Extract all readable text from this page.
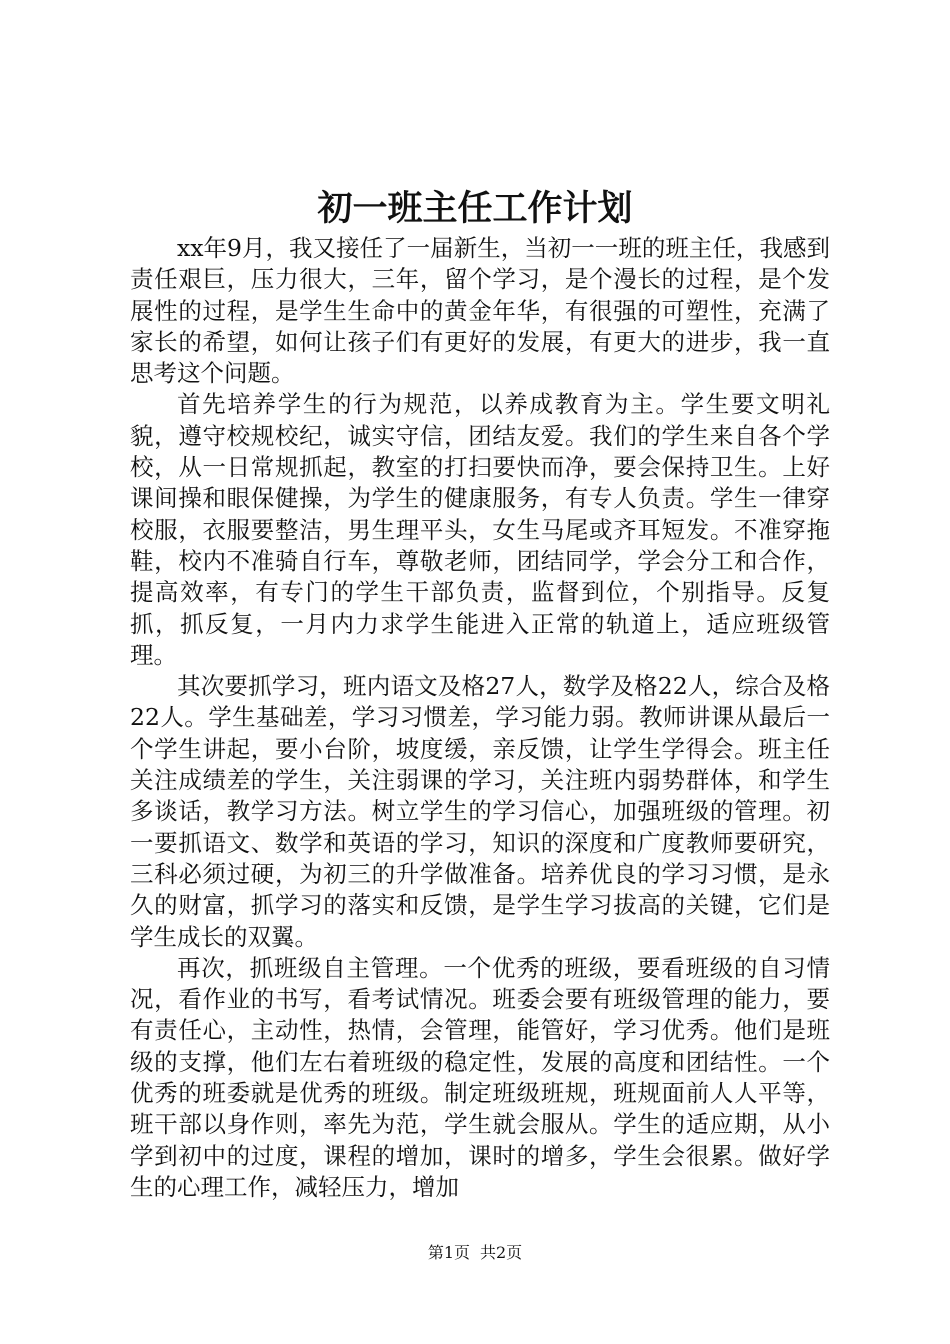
初一班主任工作计划

xx年9月，我又接任了一届新生，当初一一班的班主任，我感到责任艰巨，压力很大，三年，留个学习，是个漫长的过程，是个发展性的过程，是学生生命中的黄金年华，有很强的可塑性，充满了家长的希望，如何让孩子们有更好的发展，有更大的进步，我一直思考这个问题。

首先培养学生的行为规范，以养成教育为主。学生要文明礼貌，遵守校规校纪，诚实守信，团结友爱。我们的学生来自各个学校，从一日常规抓起，教室的打扫要快而净，要会保持卫生。上好课间操和眼保健操，为学生的健康服务，有专人负责。学生一律穿校服，衣服要整洁，男生理平头，女生马尾或齐耳短发。不准穿拖鞋，校内不准骑自行车，尊敬老师，团结同学，学会分工和合作，提高效率，有专门的学生干部负责，监督到位，个别指导。反复抓，抓反复，一月内力求学生能进入正常的轨道上，适应班级管理。

其次要抓学习，班内语文及格27人，数学及格22人，综合及格22人。学生基础差，学习习惯差，学习能力弱。教师讲课从最后一个学生讲起，要小台阶，坡度缓，亲反馈，让学生学得会。班主任关注成绩差的学生，关注弱课的学习，关注班内弱势群体，和学生多谈话，教学习方法。树立学生的学习信心，加强班级的管理。初一要抓语文、数学和英语的学习，知识的深度和广度教师要研究，三科必须过硬，为初三的升学做准备。培养优良的学习习惯，是永久的财富，抓学习的落实和反馈，是学生学习拔高的关键，它们是学生成长的双翼。

再次，抓班级自主管理。一个优秀的班级，要看班级的自习情况，看作业的书写，看考试情况。班委会要有班级管理的能力，要有责任心，主动性，热情，会管理，能管好，学习优秀。他们是班级的支撑，他们左右着班级的稳定性，发展的高度和团结性。一个优秀的班委就是优秀的班级。制定班级班规，班规面前人人平等，班干部以身作则，率先为范，学生就会服从。学生的适应期，从小学到初中的过度，课程的增加，课时的增多，学生会很累。做好学生的心理工作，减轻压力，增加

第1页 共2页
